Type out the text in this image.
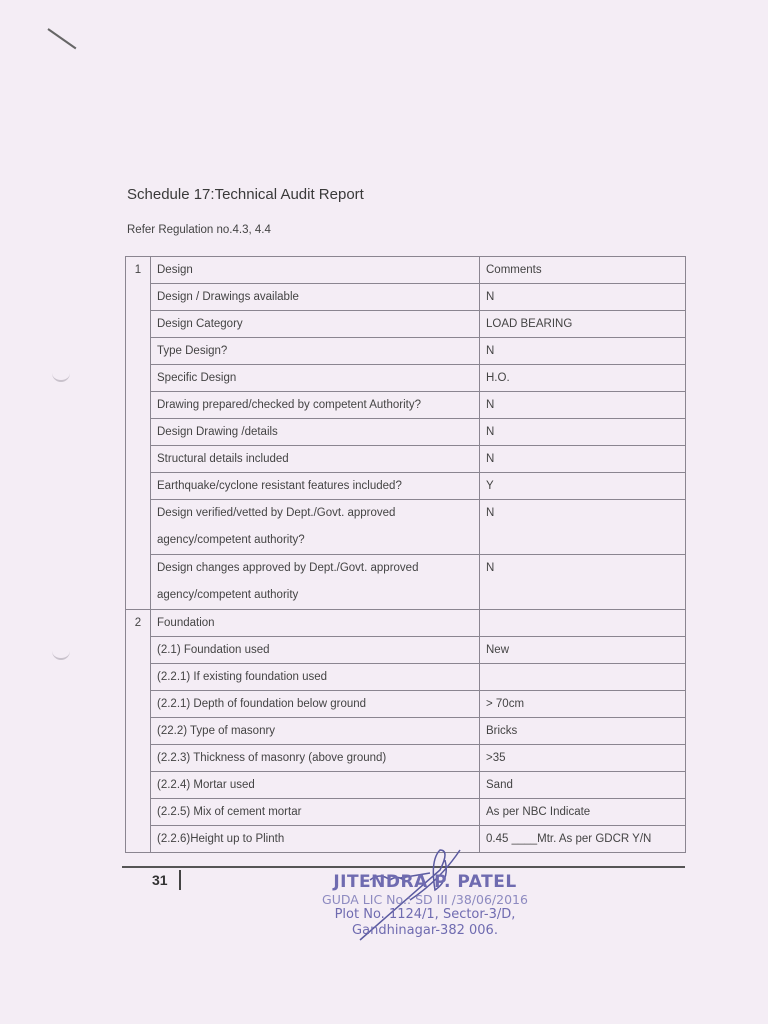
Schedule 17:Technical Audit Report
Refer Regulation no.4.3, 4.4
1	Design	Comments
	Design / Drawings available	N
	Design Category	LOAD BEARING
	Type Design?	N
	Specific Design	H.O.
	Drawing prepared/checked by competent Authority?	N
	Design Drawing /details	N
	Structural details included	N
	Earthquake/cyclone resistant features included?	Y
	Design verified/vetted by Dept./Govt. approved agency/competent authority?	N
	Design changes approved by Dept./Govt. approved agency/competent authority	N
2	Foundation	
	(2.1) Foundation used	New
	(2.2.1) If existing foundation used	
	(2.2.1) Depth of foundation below ground	> 70cm
	(22.2) Type of masonry	Bricks
	(2.2.3) Thickness of masonry (above ground)	>35
	(2.2.4) Mortar used	Sand
	(2.2.5) Mix of cement mortar	As per NBC Indicate
	(2.2.6)Height up to Plinth	0.45 ____Mtr. As per GDCR Y/N
31	JITENDRA P. PATEL
GUDA LIC No.: SD III /38/06/2016
Plot No. 1124/1, Sector-3/D,
Gandhinagar-382 006.
